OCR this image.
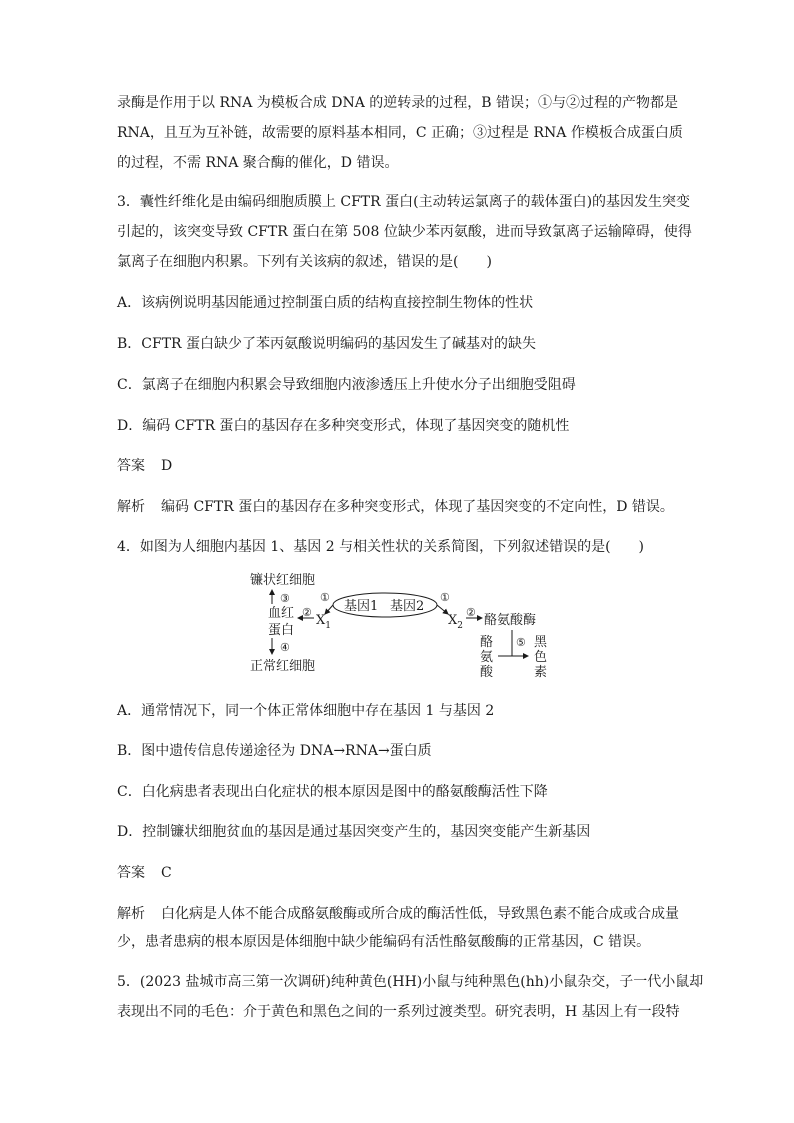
录酶是作用于以 RNA 为模板合成 DNA 的逆转录的过程，B 错误；①与②过程的产物都是
RNA，且互为互补链，故需要的原料基本相同，C 正确；③过程是 RNA 作模板合成蛋白质
的过程，不需 RNA 聚合酶的催化，D 错误。
3．囊性纤维化是由编码细胞质膜上 CFTR 蛋白(主动转运氯离子的载体蛋白)的基因发生突变
引起的，该突变导致 CFTR 蛋白在第 508 位缺少苯丙氨酸，进而导致氯离子运输障碍，使得
氯离子在细胞内积累。下列有关该病的叙述，错误的是(　　)
A．该病例说明基因能通过控制蛋白质的结构直接控制生物体的性状
B．CFTR 蛋白缺少了苯丙氨酸说明编码的基因发生了碱基对的缺失
C．氯离子在细胞内积累会导致细胞内液渗透压上升使水分子出细胞受阻碍
D．编码 CFTR 蛋白的基因存在多种突变形式，体现了基因突变的随机性
答案 D
解析 编码 CFTR 蛋白的基因存在多种突变形式，体现了基因突变的不定向性，D 错误。
4．如图为人细胞内基因 1、基因 2 与相关性状的关系简图，下列叙述错误的是(　　)
镰状红细胞
③
血红
蛋白
④
正常红细胞
②
$X_1$
①
基因1 基因2
①
$X_2$
②
酪氨酸酶
酪
氨
酸
⑤ 黑
色
素
A．通常情况下，同一个体正常体细胞中存在基因 1 与基因 2
B．图中遗传信息传递途径为 DNA→RNA→蛋白质
C．白化病患者表现出白化症状的根本原因是图中的酪氨酸酶活性下降
D．控制镰状细胞贫血的基因是通过基因突变产生的，基因突变能产生新基因
答案 C
解析 白化病是人体不能合成酪氨酸酶或所合成的酶活性低，导致黑色素不能合成或合成量
少，患者患病的根本原因是体细胞中缺少能编码有活性酪氨酸酶的正常基因，C 错误。
5．(2023 盐城市高三第一次调研)纯种黄色(HH)小鼠与纯种黑色(hh)小鼠杂交，子一代小鼠却
表现出不同的毛色：介于黄色和黑色之间的一系列过渡类型。研究表明，H 基因上有一段特
